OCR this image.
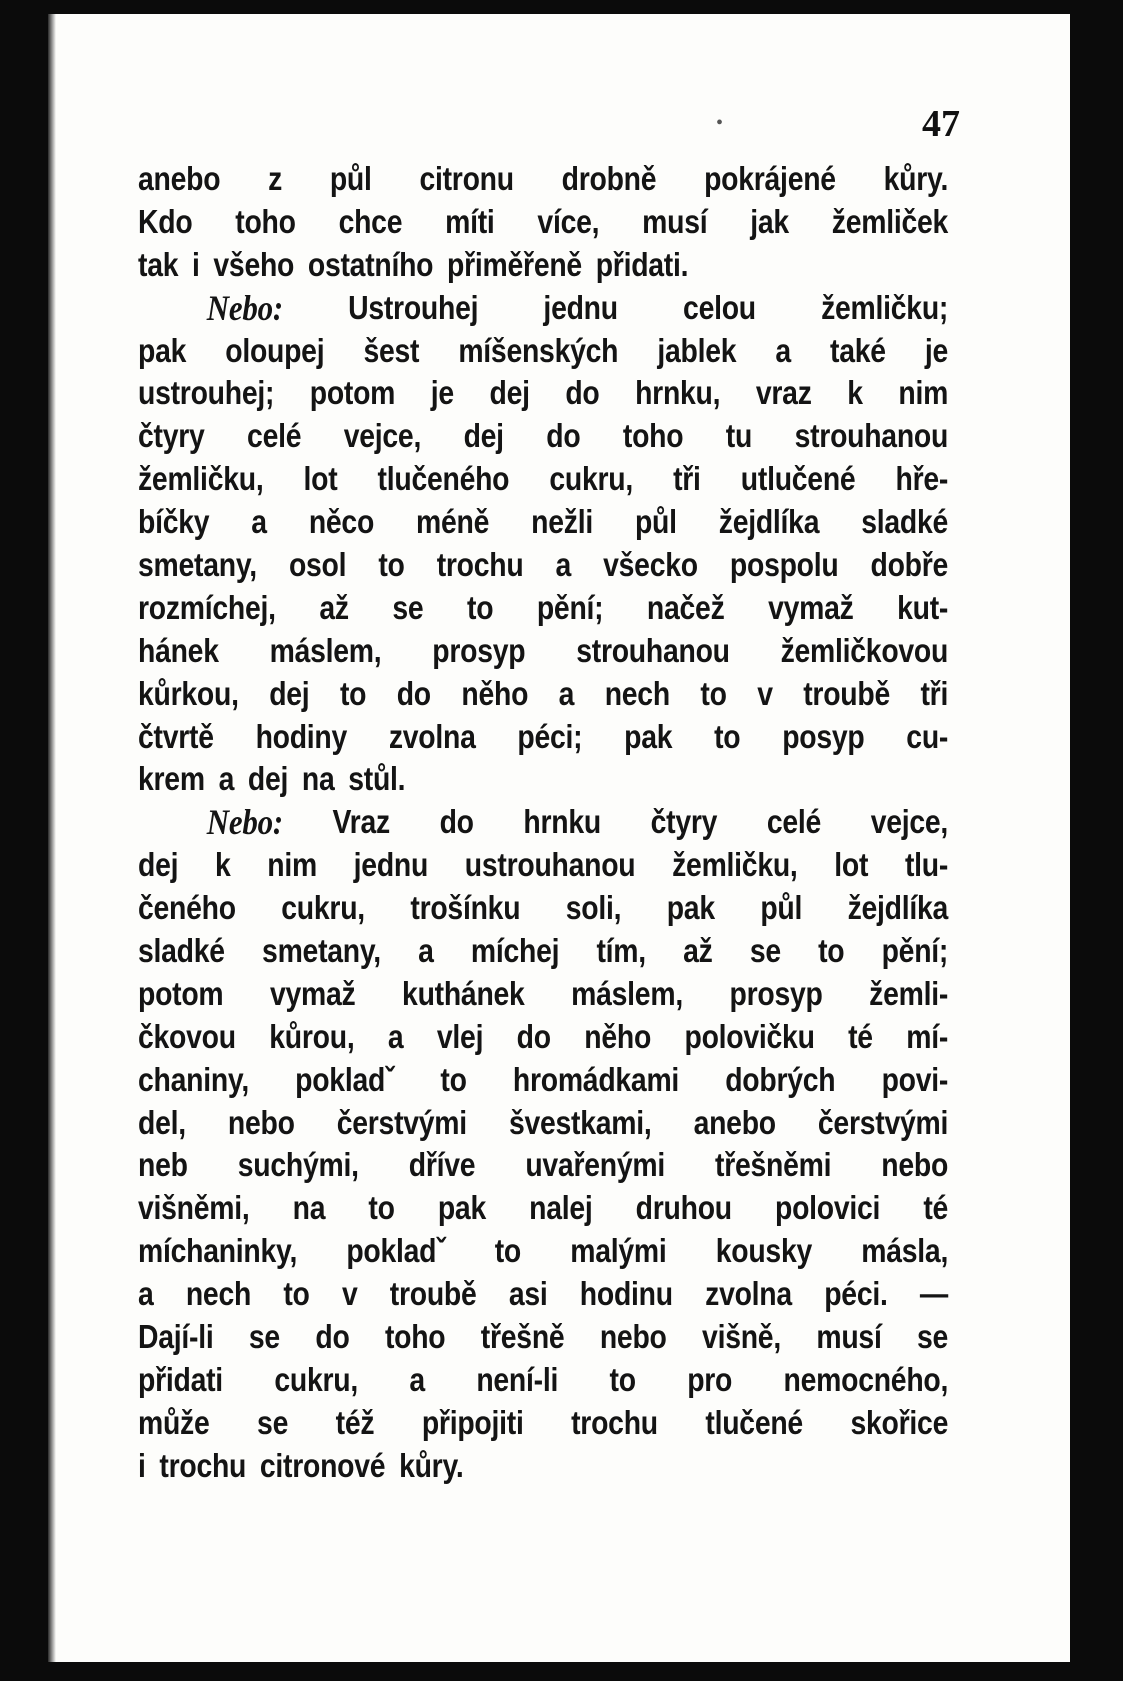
•	47
anebo z půl citronu drobně pokrájené kůry.
Kdo toho chce míti více, musí jak žemliček
tak i všeho ostatního přiměřeně přidati.
Nebo: Ustrouhej jednu celou žemličku;
pak oloupej šest míšenských jablek a také je
ustrouhej; potom je dej do hrnku, vraz k nim
čtyry celé vejce, dej do toho tu strouhanou
žemličku, lot tlučeného cukru, tři utlučené hře-
bíčky a něco méně nežli půl žejdlíka sladké
smetany, osol to trochu a všecko pospolu dobře
rozmíchej, až se to pění; načež vymaž kut-
hánek máslem, prosyp strouhanou žemličkovou
kůrkou, dej to do něho a nech to v troubě tři
čtvrtě hodiny zvolna péci; pak to posyp cu-
krem a dej na stůl.
Nebo: Vraz do hrnku čtyry celé vejce,
dej k nim jednu ustrouhanou žemličku, lot tlu-
čeného cukru, trošínku soli, pak půl žejdlíka
sladké smetany, a míchej tím, až se to pění;
potom vymaž kuthánek máslem, prosyp žemli-
čkovou kůrou, a vlej do něho polovičku té mí-
chaniny, pokladˇ to hromádkami dobrých povi-
del, nebo čerstvými švestkami, anebo čerstvými
neb suchými, dříve uvařenými třešněmi nebo
višněmi, na to pak nalej druhou polovici té
míchaninky, pokladˇ to malými kousky másla,
a nech to v troubě asi hodinu zvolna péci. —
Dají-li se do toho třešně nebo višně, musí se
přidati cukru, a není-li to pro nemocného,
může se též připojiti trochu tlučené skořice
i trochu citronové kůry.
